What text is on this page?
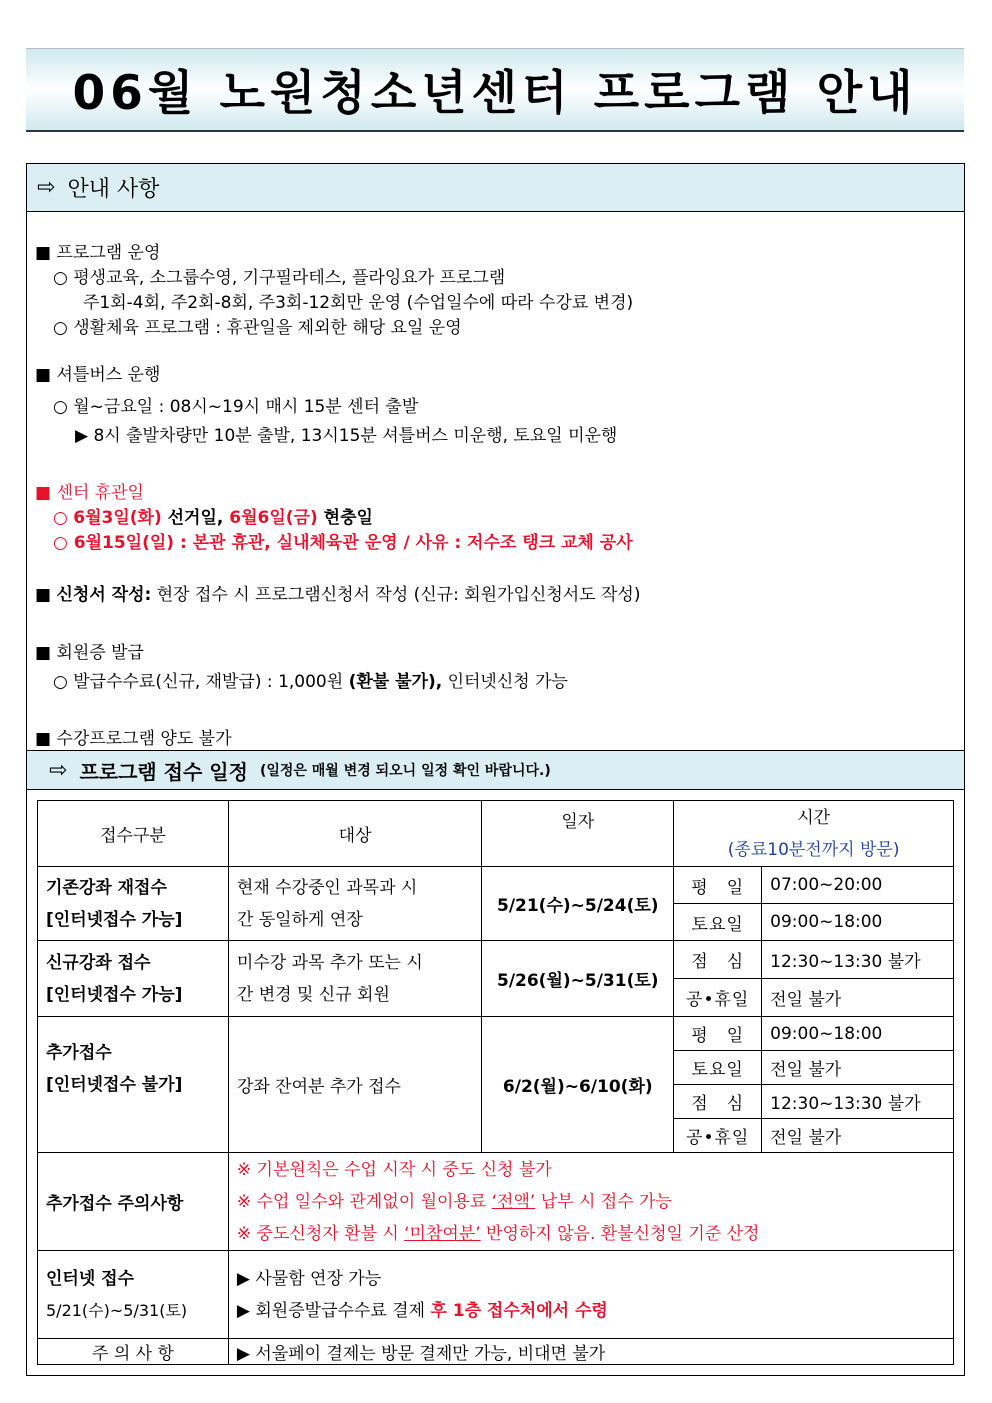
06월 노원청소년센터 프로그램 안내
⇨ 안내 사항
■ 프로그램 운영
○ 평생교육, 소그룹수영, 기구필라테스, 플라잉요가 프로그램
주1회-4회, 주2회-8회, 주3회-12회만 운영 (수업일수에 따라 수강료 변경)
○ 생활체육 프로그램 : 휴관일을 제외한 해당 요일 운영
■ 셔틀버스 운행
○ 월~금요일 : 08시~19시 매시 15분 센터 출발
▶ 8시 출발차량만 10분 출발, 13시15분 셔틀버스 미운행, 토요일 미운행
■ 센터 휴관일
○ 6월3일(화) 선거일, 6월6일(금) 현충일
○ 6월15일(일) : 본관 휴관, 실내체육관 운영 / 사유 : 저수조 탱크 교체 공사
■ 신청서 작성: 현장 접수 시 프로그램신청서 작성 (신규: 회원가입신청서도 작성)
■ 회원증 발급
○ 발급수수료(신규, 재발급) : 1,000원 (환불 불가), 인터넷신청 가능
■ 수강프로그램 양도 불가
⇨ 프로그램 접수 일정 (일정은 매월 변경 되오니 일정 확인 바랍니다.)
접수구분	대상	일자	시간
(종료10분전까지 방문)	

기존강좌 재접수
[인터넷접수 가능]	현재 수강중인 과목과 시
간 동일하게 연장	5/21(수)~5/24(토)	평　일	07:00~20:00
			토요일	09:00~18:00

신규강좌 접수
[인터넷접수 가능]	미수강 과목 추가 또는 시
간 변경 및 신규 회원	5/26(월)~5/31(토)	점　심	12:30~13:30 불가
			공•휴일	전일 불가

추가접수
[인터넷접수 불가]	강좌 잔여분 추가 접수	6/2(월)~6/10(화)	평　일	09:00~18:00
			토요일	전일 불가
			점　심	12:30~13:30 불가
			공•휴일	전일 불가
추가접수 주의사항	※ 기본원칙은 수업 시작 시 중도 신청 불가
※ 수업 일수와 관계없이 월이용료 ‘전액’ 납부 시 접수 가능
※ 중도신청자 환불 시 ‘미참여분’ 반영하지 않음. 환불신청일 기준 산정			

인터넷 접수
5/21(수)~5/31(토)	▶ 사물함 연장 가능
▶ 회원증발급수수료 결제 후 1층 접수처에서 수령			

주 의 사 항	▶ 서울페이 결제는 방문 결제만 가능, 비대면 불가			
